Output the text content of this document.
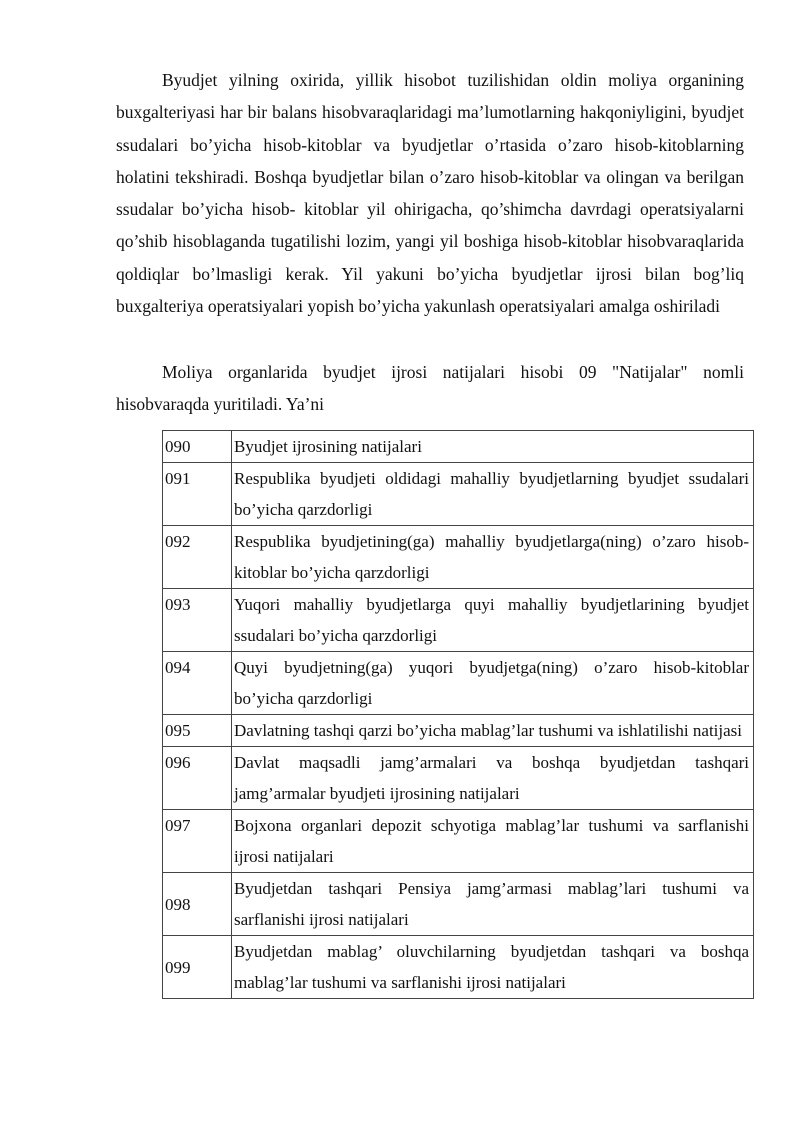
Byudjet yilning oxirida, yillik hisobot tuzilishidan oldin moliya organining buxgalteriyasi har bir balans hisobvaraqlaridagi ma’lumotlarning hakqoniyligini, byudjet ssudalari bo’yicha hisob-kitoblar va byudjetlar o’rtasida o’zaro hisob-kitoblarning holatini tekshiradi. Boshqa byudjetlar bilan o’zaro hisob-kitoblar va olingan va berilgan ssudalar bo’yicha hisob- kitoblar yil ohirigacha, qo’shimcha davrdagi operatsiyalarni qo’shib hisoblaganda tugatilishi lozim, yangi yil boshiga hisob-kitoblar hisobvaraqlarida qoldiqlar bo’lmasligi kerak. Yil yakuni bo’yicha byudjetlar ijrosi bilan bog’liq buxgalteriya operatsiyalari yopish bo’yicha yakunlash operatsiyalari amalga oshiriladi

Moliya organlarida byudjet ijrosi natijalari hisobi 09 "Natijalar" nomli hisobvaraqda yuritiladi. Ya’ni

090	Byudjet ijrosining natijalari
091	Respublika byudjeti oldidagi mahalliy byudjetlarning byudjet ssudalari bo’yicha qarzdorligi
092	Respublika byudjetining(ga) mahalliy byudjetlarga(ning) o’zaro hisob-kitoblar bo’yicha qarzdorligi
093	Yuqori mahalliy byudjetlarga quyi mahalliy byudjetlarining byudjet ssudalari bo’yicha qarzdorligi
094	Quyi byudjetning(ga) yuqori byudjetga(ning) o’zaro hisob-kitoblar bo’yicha qarzdorligi
095	Davlatning tashqi qarzi bo’yicha mablag’lar tushumi va ishlatilishi natijasi
096	Davlat maqsadli jamg’armalari va boshqa byudjetdan tashqari jamg’armalar byudjeti ijrosining natijalari
097	Bojxona organlari depozit schyotiga mablag’lar tushumi va sarflanishi ijrosi natijalari
098	Byudjetdan tashqari Pensiya jamg’armasi mablag’lari tushumi va sarflanishi ijrosi natijalari
099	Byudjetdan mablag’ oluvchilarning byudjetdan tashqari va boshqa mablag’lar tushumi va sarflanishi ijrosi natijalari
